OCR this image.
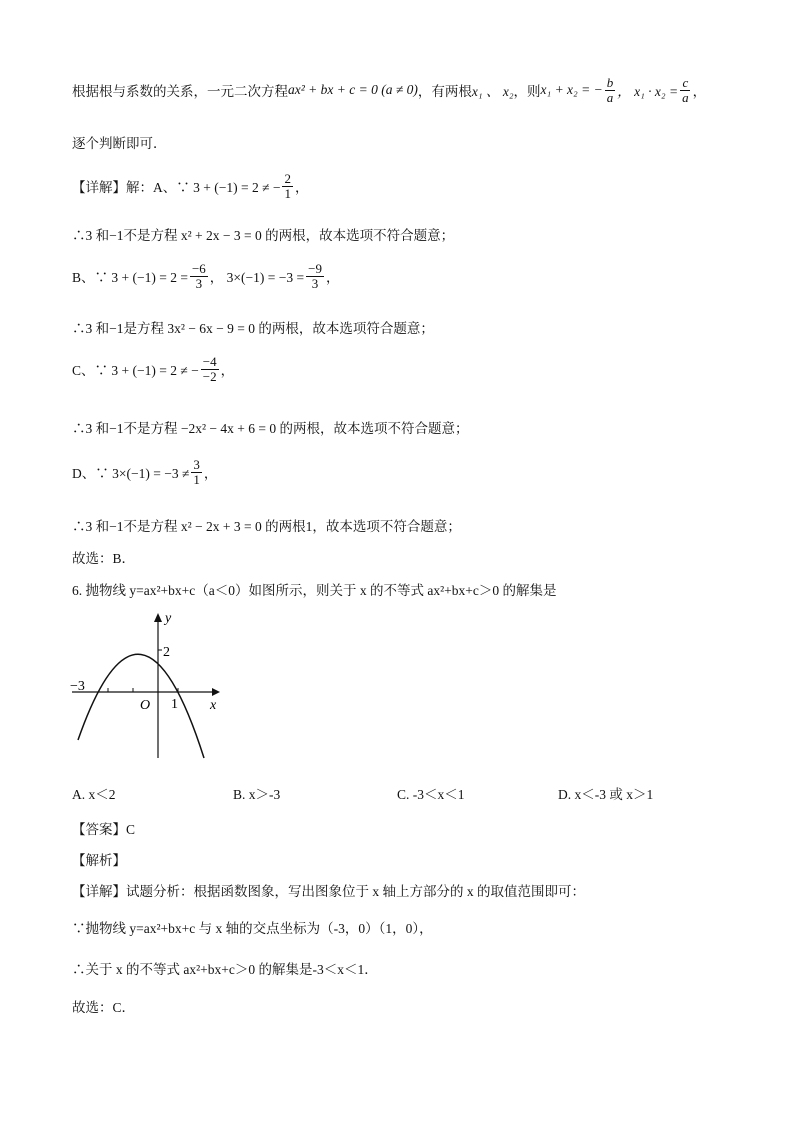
根据根与系数的关系，一元二次方程 ax² + bx + c = 0 (a ≠ 0) ，有两根 x₁ 、 x₂ ，则 x₁ + x₂ = − $\frac{b}{a}$ ， $x_1 \cdot x_2 = \frac{c}{a}$ ，
逐个判断即可．
【详解】解：A、∵ 3 + (−1) = 2 ≠ − $\frac{2}{1}$ ，
∴3 和−1不是方程 x² + 2x − 3 = 0 的两根，故本选项不符合题意；
B、∵ $3 + (-1) = 2 = \frac{-6}{3}$ ， $3\times(-1) = -3 = \frac{-9}{3}$ ，
∴3 和−1是方程 3x² − 6x − 9 = 0 的两根，故本选项符合题意；
C、∵ 3 + (−1) = 2 ≠ − $\frac{-4}{-2}$ ，
∴3 和−1不是方程 −2x² − 4x + 6 = 0 的两根，故本选项不符合题意；
D、∵ $3\times(-1) = -3 \ne \frac{3}{1}$ ，
∴3 和−1不是方程 x² − 2x + 3 = 0 的两根1，故本选项不符合题意；
故选：B．
6. 抛物线 y=ax²+bx+c（a＜0）如图所示，则关于 x 的不等式 ax²+bx+c＞0 的解集是
y
x
O
−3
2
1
A. x＜2	B. x＞-3	C. -3＜x＜1	D. x＜-3 或 x＞1
【答案】C
【解析】
【详解】试题分析：根据函数图象，写出图象位于 x 轴上方部分的 x 的取值范围即可：
∵抛物线 y=ax²+bx+c 与 x 轴的交点坐标为（-3，0）（1，0），
∴关于 x 的不等式 ax²+bx+c＞0 的解集是-3＜x＜1．
故选：C．
